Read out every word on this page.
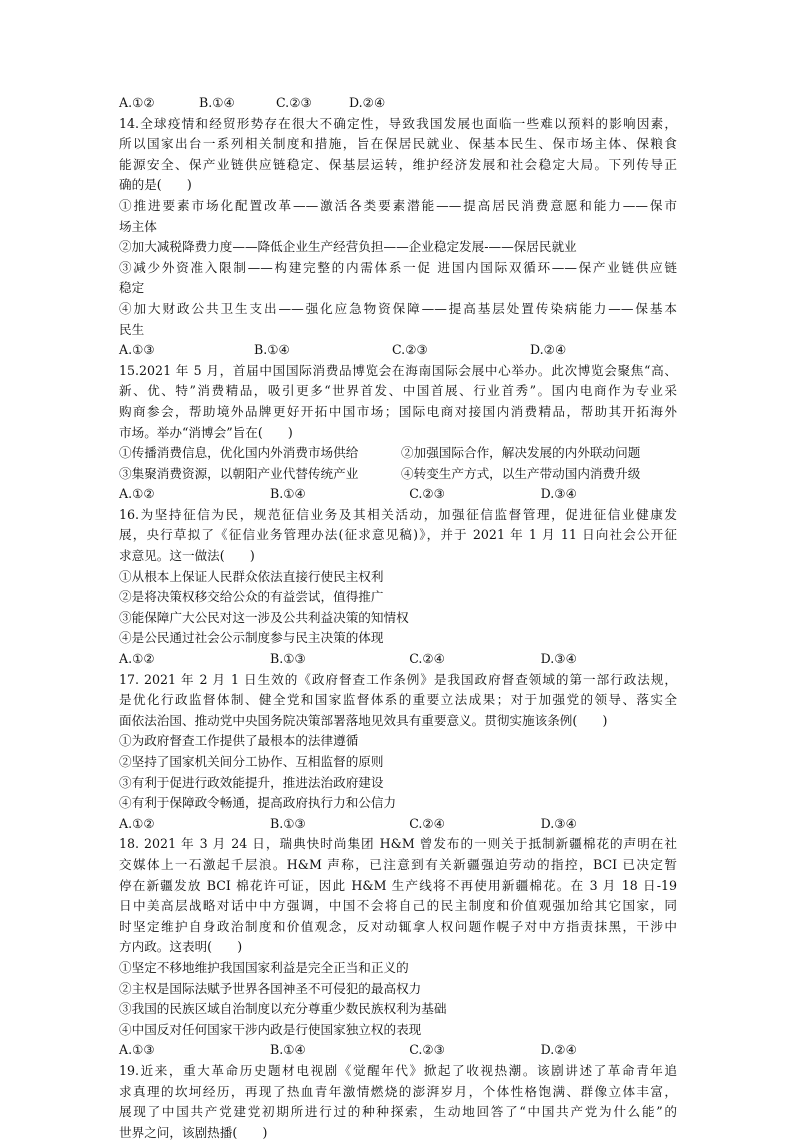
A.①②	B.①④	C.②③	D.②④
14.全球疫情和经贸形势存在很大不确定性，导致我国发展也面临一些难以预料的影响因素，
所以国家出台一系列相关制度和措施，旨在保居民就业、保基本民生、保市场主体、保粮食
能源安全、保产业链供应链稳定、保基层运转，维护经济发展和社会稳定大局。下列传导正
确的是(　　)
①推进要素市场化配置改革——激活各类要素潜能——提高居民消费意愿和能力——保市
场主体
②加大减税降费力度——降低企业生产经营负担——企业稳定发展-——保居民就业
③减少外资准入限制——构建完整的内需体系一促 进国内国际双循环——保产业链供应链
稳定
④加大财政公共卫生支出——强化应急物资保障——提高基层处置传染病能力——保基本
民生
A.①③	B.①④	C.②③	D.②④
15.2021 年 5 月，首届中国国际消费品博览会在海南国际会展中心举办。此次博览会聚焦“高、
新、优、特”消费精品，吸引更多“世界首发、中国首展、行业首秀”。国内电商作为专业采
购商参会，帮助境外品牌更好开拓中国市场；国际电商对接国内消费精品，帮助其开拓海外
市场。举办“消博会”旨在(　　)
①传播消费信息，优化国内外消费市场供给	②加强国际合作，解决发展的内外联动问题
③集聚消费资源，以朝阳产业代替传统产业	④转变生产方式，以生产带动国内消费升级
A.①②	B.①④	C.②③	D.③④
16.为坚持征信为民，规范征信业务及其相关活动，加强征信监督管理，促进征信业健康发
展，央行草拟了《征信业务管理办法(征求意见稿)》，并于 2021 年 1 月 11 日向社会公开征
求意见。这一做法(　　)
①从根本上保证人民群众依法直接行使民主权利
②是将决策权移交给公众的有益尝试，值得推广
③能保障广大公民对这一涉及公共利益决策的知情权
④是公民通过社会公示制度参与民主决策的体现
A.①②	B.①③	C.②④	D.③④
17. 2021 年 2 月 1 日生效的《政府督查工作条例》是我国政府督查领域的第一部行政法规，
是优化行政监督体制、健全党和国家监督体系的重要立法成果；对于加强党的领导、落实全
面依法治国、推动党中央国务院决策部署落地见效具有重要意义。贯彻实施该条例(　　)
①为政府督查工作提供了最根本的法律遵循
②坚持了国家机关间分工协作、互相监督的原则
③有利于促进行政效能提升，推进法治政府建设
④有利于保障政令畅通，提高政府执行力和公信力
A.①②	B.①③	C.②④	D.③④
18. 2021 年 3 月 24 日，瑞典快时尚集团 H&M 曾发布的一则关于抵制新疆棉花的声明在社
交媒体上一石激起千层浪。H&M 声称，已注意到有关新疆强迫劳动的指控，BCI 已决定暂
停在新疆发放 BCI 棉花许可证，因此 H&M 生产线将不再使用新疆棉花。在 3 月 18 日-19
日中美高层战略对话中中方强调，中国不会将自己的民主制度和价值观强加给其它国家，同
时坚定维护自身政治制度和价值观念，反对动辄拿人权问题作幌子对中方指责抹黑，干涉中
方内政。这表明(　　)
①坚定不移地维护我国国家利益是完全正当和正义的
②主权是国际法赋予世界各国神圣不可侵犯的最高权力
③我国的民族区域自治制度以充分尊重少数民族权利为基础
④中国反对任何国家干涉内政是行使国家独立权的表现
A.①③	B.①④	C.②③	D.②④
19.近来，重大革命历史题材电视剧《觉醒年代》掀起了收视热潮。该剧讲述了革命青年追
求真理的坎坷经历，再现了热血青年激情燃烧的澎湃岁月，个体性格饱满、群像立体丰富，
展现了中国共产党建党初期所进行过的种种探索，生动地回答了“中国共产党为什么能”的
世界之问，该剧热播(　　)
